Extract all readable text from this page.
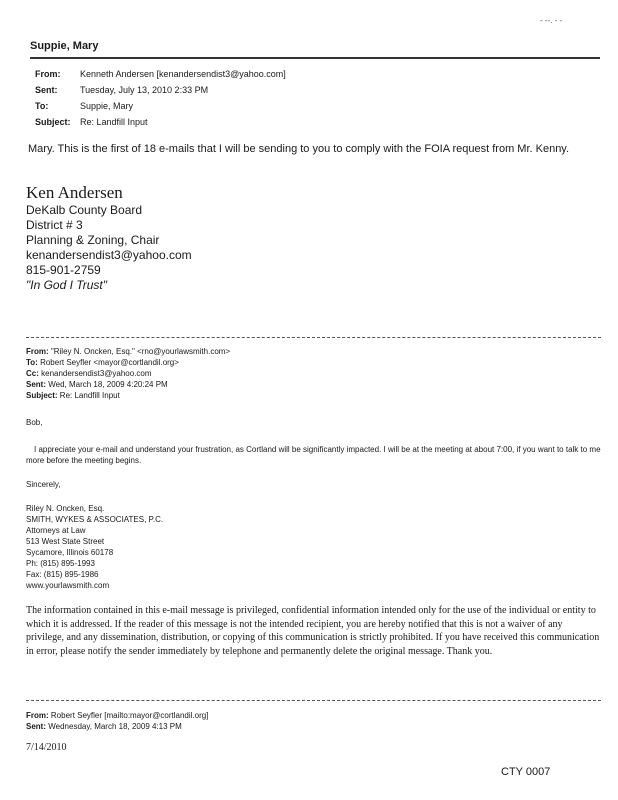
- --. - -
Suppie, Mary
From: Kenneth Andersen [kenandersendist3@yahoo.com]
Sent:	Tuesday, July 13, 2010 2:33 PM
To:	Suppie, Mary
Subject: Re: Landfill Input
Mary. This is the first of 18 e-mails that I will be sending to you to comply with the FOIA request from Mr. Kenny.
Ken Andersen
DeKalb County Board
District # 3
Planning & Zoning, Chair
kenandersendist3@yahoo.com
815-901-2759
"In God I Trust"
From: "Riley N. Oncken, Esq." <rno@yourlawsmith.com>
To: Robert Seyfler <mayor@cortlandil.org>
Cc: kenandersendist3@yahoo.com
Sent: Wed, March 18, 2009 4:20:24 PM
Subject: Re: Landfill Input
Bob,
I appreciate your e-mail and understand your frustration, as Cortland will be significantly impacted. I will be at the meeting at about 7:00, if you want to talk to me more before the meeting begins.
Sincerely,
Riley N. Oncken, Esq.
SMITH, WYKES & ASSOCIATES, P.C.
Attorneys at Law
513 West State Street
Sycamore, Illinois 60178
Ph: (815) 895-1993
Fax: (815) 895-1986
www.yourlawsmith.com
The information contained in this e-mail message is privileged, confidential information intended only for the use of the individual or entity to which it is addressed. If the reader of this message is not the intended recipient, you are hereby notified that this is not a waiver of any privilege, and any dissemination, distribution, or copying of this communication is strictly prohibited. If you have received this communication in error, please notify the sender immediately by telephone and permanently delete the original message. Thank you.
From: Robert Seyfler [mailto:mayor@cortlandil.org]
Sent: Wednesday, March 18, 2009 4:13 PM
7/14/2010
CTY 0007
